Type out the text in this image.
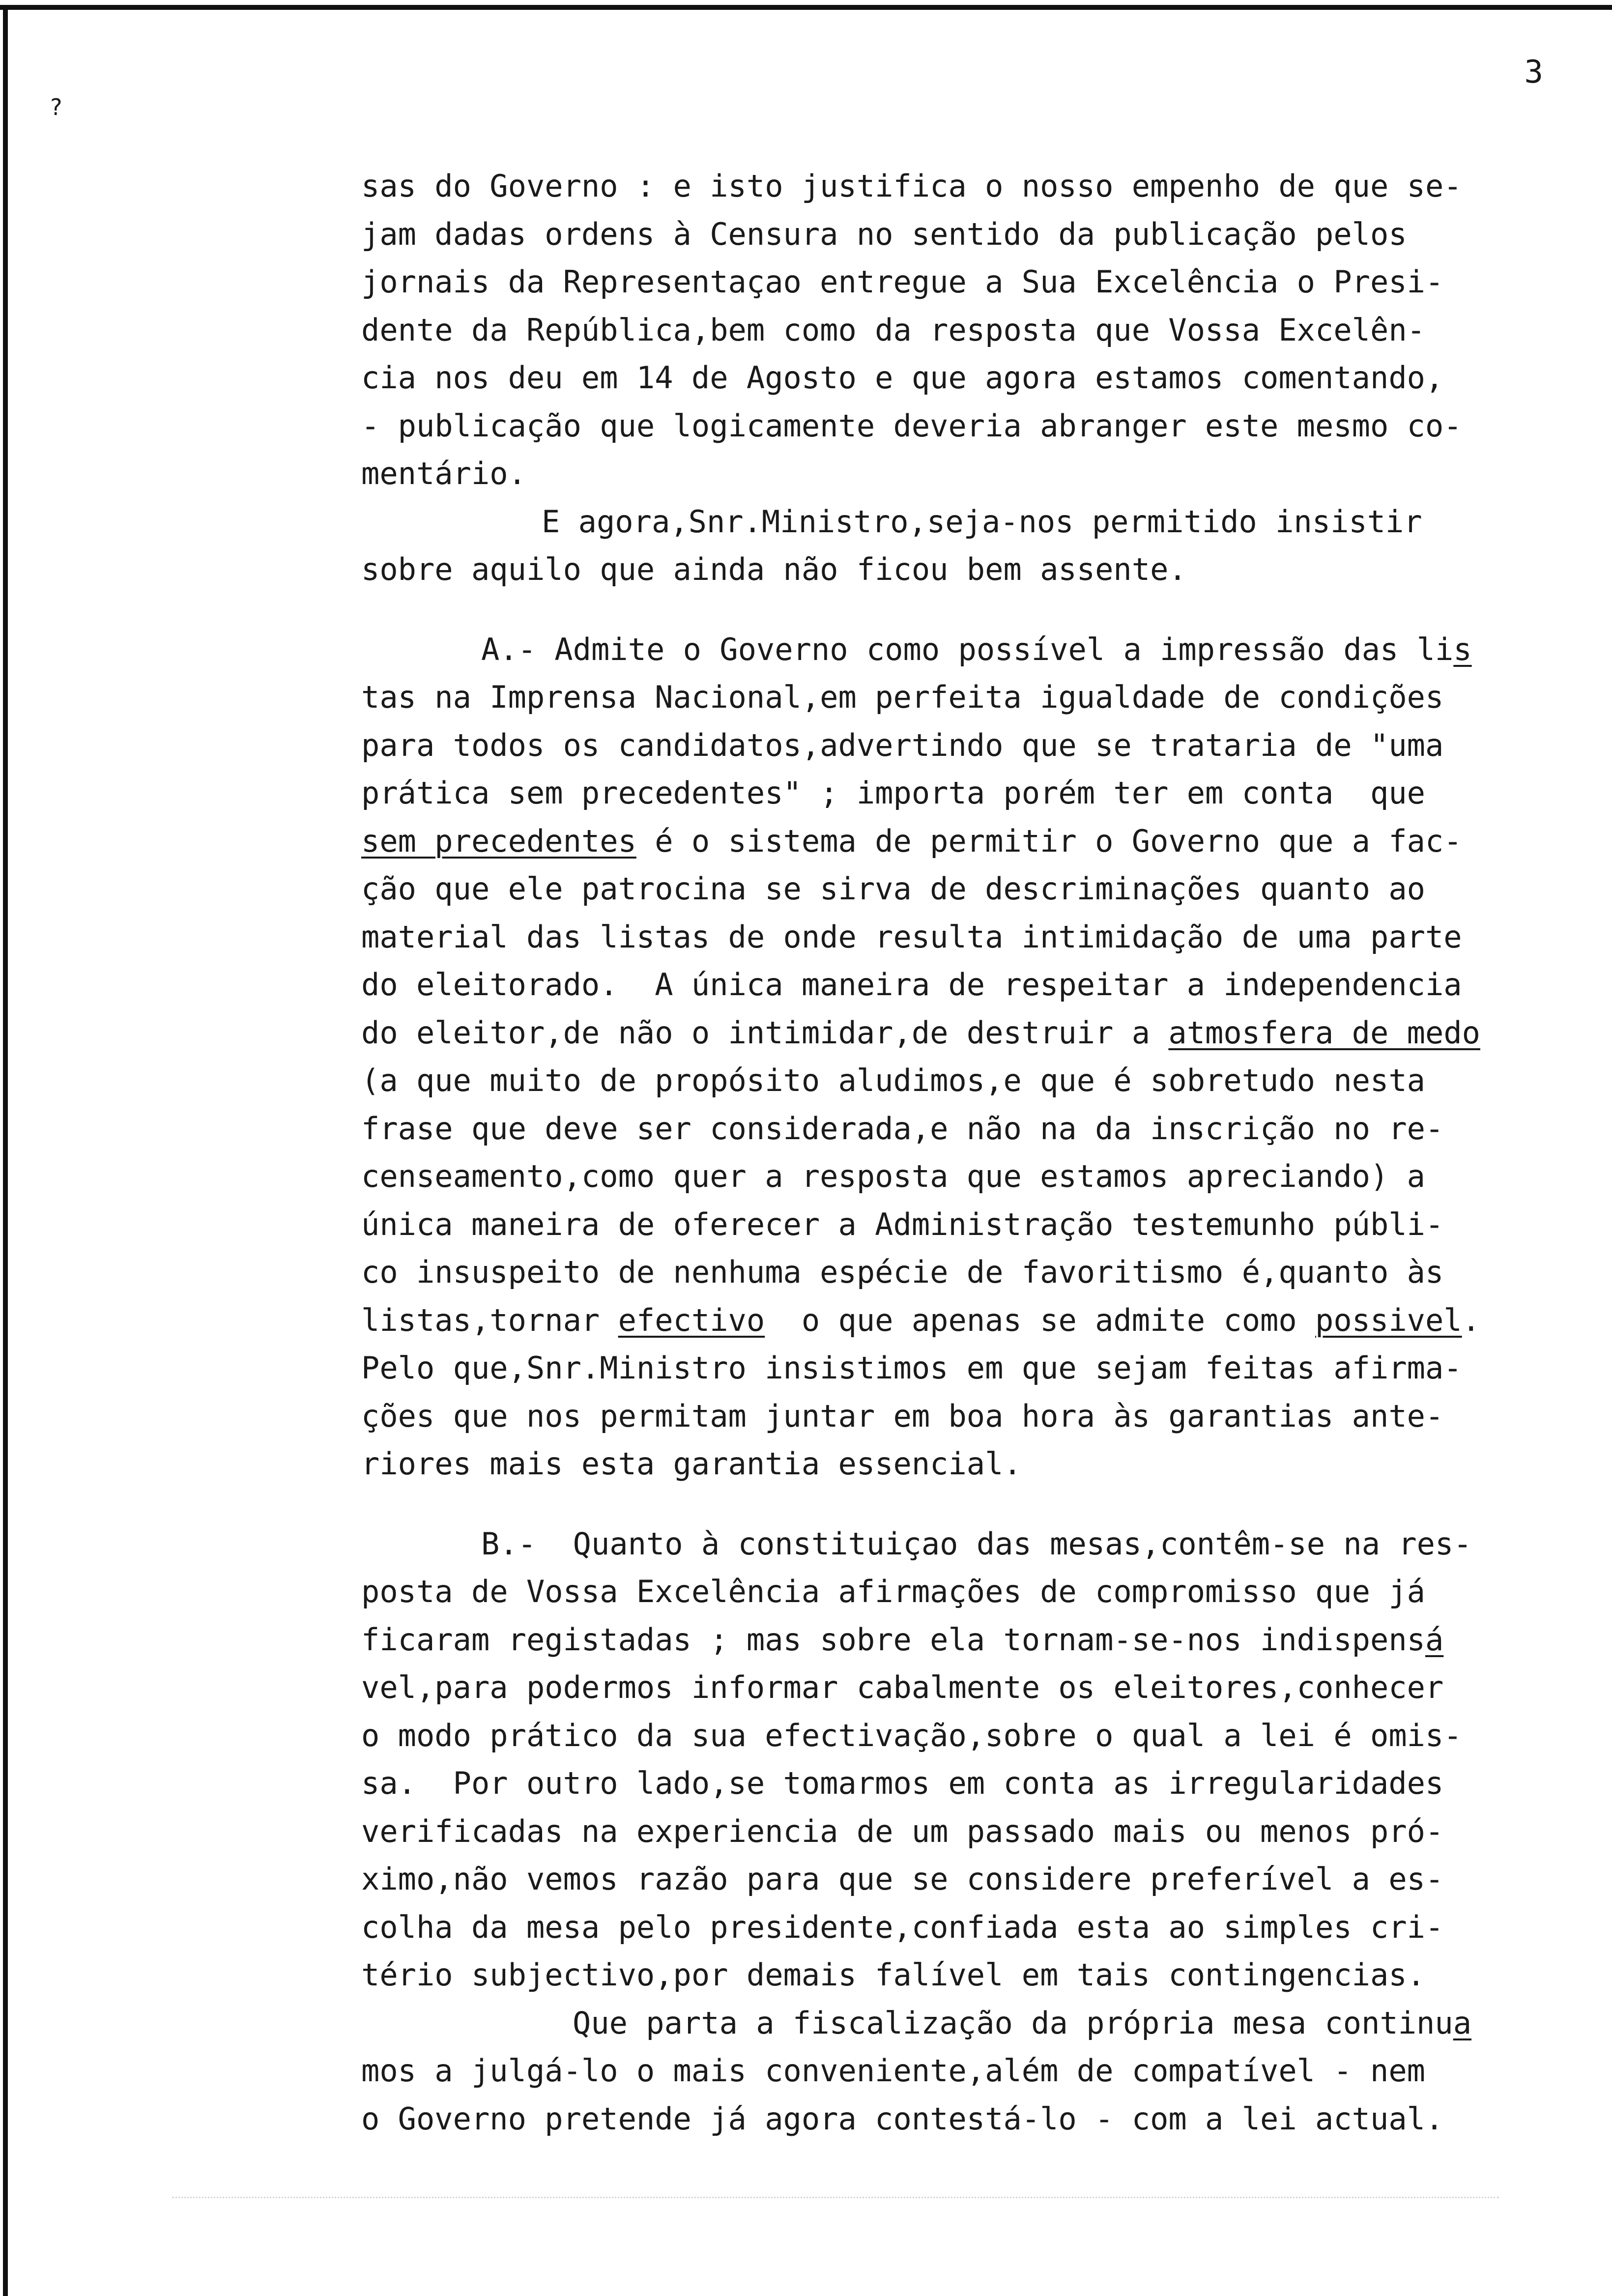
3
?
sas do Governo : e isto justifica o nosso empenho de que se-
jam dadas ordens à Censura no sentido da publicação pelos
jornais da Representaçao entregue a Sua Excelência o Presi-
dente da República,bem como da resposta que Vossa Excelên-
cia nos deu em 14 de Agosto e que agora estamos comentando,
- publicação que logicamente deveria abranger este mesmo co-
mentário.
E agora,Snr.Ministro,seja-nos permitido insistir
sobre aquilo que ainda não ficou bem assente.
A.- Admite o Governo como possível a impressão das lis
tas na Imprensa Nacional,em perfeita igualdade de condições
para todos os candidatos,advertindo que se trataria de "uma
prática sem precedentes" ; importa porém ter em conta  que
sem precedentes é o sistema de permitir o Governo que a fac-
ção que ele patrocina se sirva de descriminações quanto ao
material das listas de onde resulta intimidação de uma parte
do eleitorado.  A única maneira de respeitar a independencia
do eleitor,de não o intimidar,de destruir a atmosfera de medo
(a que muito de propósito aludimos,e que é sobretudo nesta
frase que deve ser considerada,e não na da inscrição no re-
censeamento,como quer a resposta que estamos apreciando) a
única maneira de oferecer a Administração testemunho públi-
co insuspeito de nenhuma espécie de favoritismo é,quanto às
listas,tornar efectivo  o que apenas se admite como possivel.
Pelo que,Snr.Ministro insistimos em que sejam feitas afirma-
ções que nos permitam juntar em boa hora às garantias ante-
riores mais esta garantia essencial.
B.-  Quanto à constituiçao das mesas,contêm-se na res-
posta de Vossa Excelência afirmações de compromisso que já
ficaram registadas ; mas sobre ela tornam-se-nos indispensá
vel,para podermos informar cabalmente os eleitores,conhecer
o modo prático da sua efectivação,sobre o qual a lei é omis-
sa.  Por outro lado,se tomarmos em conta as irregularidades
verificadas na experiencia de um passado mais ou menos pró-
ximo,não vemos razão para que se considere preferível a es-
colha da mesa pelo presidente,confiada esta ao simples cri-
tério subjectivo,por demais falível em tais contingencias.
Que parta a fiscalização da própria mesa continua
mos a julgá-lo o mais conveniente,além de compatível - nem
o Governo pretende já agora contestá-lo - com a lei actual.
